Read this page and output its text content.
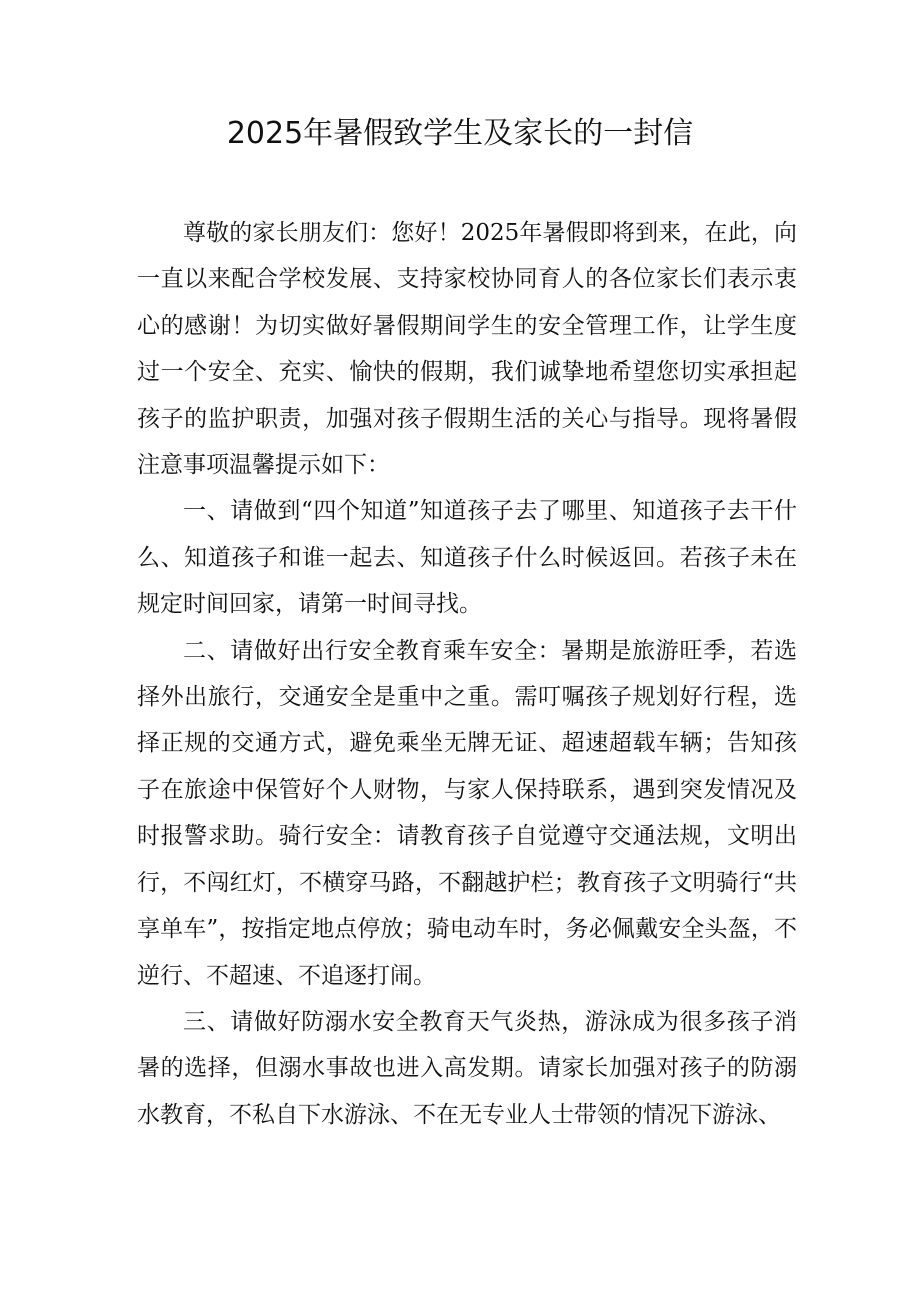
2025年暑假致学生及家长的一封信

尊敬的家长朋友们：您好！2025年暑假即将到来，在此，向一直以来配合学校发展、支持家校协同育人的各位家长们表示衷心的感谢！为切实做好暑假期间学生的安全管理工作，让学生度过一个安全、充实、愉快的假期，我们诚挚地希望您切实承担起孩子的监护职责，加强对孩子假期生活的关心与指导。现将暑假注意事项温馨提示如下：

一、请做到“四个知道”知道孩子去了哪里、知道孩子去干什么、知道孩子和谁一起去、知道孩子什么时候返回。若孩子未在规定时间回家，请第一时间寻找。

二、请做好出行安全教育乘车安全：暑期是旅游旺季，若选择外出旅行，交通安全是重中之重。需叮嘱孩子规划好行程，选择正规的交通方式，避免乘坐无牌无证、超速超载车辆；告知孩子在旅途中保管好个人财物，与家人保持联系，遇到突发情况及时报警求助。骑行安全：请教育孩子自觉遵守交通法规，文明出行，不闯红灯，不横穿马路，不翻越护栏；教育孩子文明骑行“共享单车”，按指定地点停放；骑电动车时，务必佩戴安全头盔，不逆行、不超速、不追逐打闹。

三、请做好防溺水安全教育天气炎热，游泳成为很多孩子消暑的选择，但溺水事故也进入高发期。请家长加强对孩子的防溺水教育，不私自下水游泳、不在无专业人士带领的情况下游泳、
